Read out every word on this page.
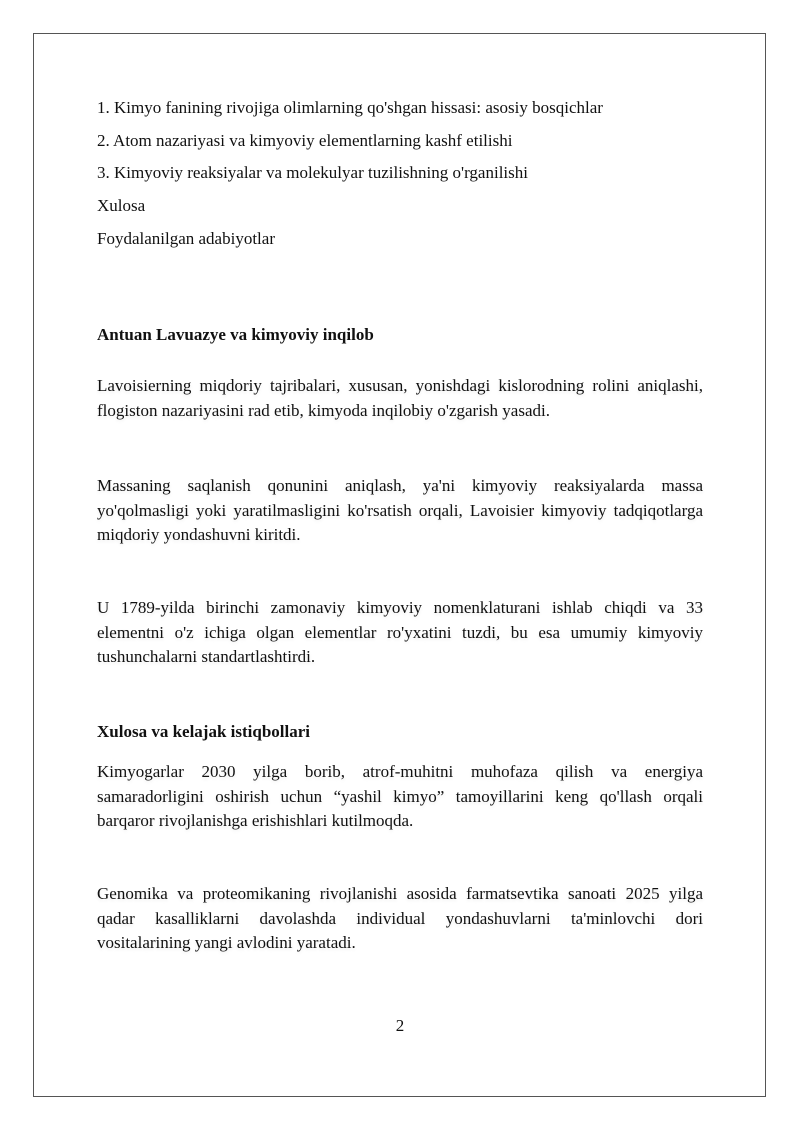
1. Kimyo fanining rivojiga olimlarning qo'shgan hissasi: asosiy bosqichlar
2. Atom nazariyasi va kimyoviy elementlarning kashf etilishi
3. Kimyoviy reaksiyalar va molekulyar tuzilishning o'rganilishi
Xulosa
Foydalanilgan adabiyotlar
Antuan Lavuazye va kimyoviy inqilob
Lavoisierning miqdoriy tajribalari, xususan, yonishdagi kislorodning rolini aniqlashi, flogiston nazariyasini rad etib, kimyoda inqilobiy o'zgarish yasadi.
Massaning saqlanish qonunini aniqlash, ya'ni kimyoviy reaksiyalarda massa yo'qolmasligi yoki yaratilmasligini ko'rsatish orqali, Lavoisier kimyoviy tadqiqotlarga miqdoriy yondashuvni kiritdi.
U 1789-yilda birinchi zamonaviy kimyoviy nomenklaturani ishlab chiqdi va 33 elementni o'z ichiga olgan elementlar ro'yxatini tuzdi, bu esa umumiy kimyoviy tushunchalarni standartlashtirdi.
Xulosa va kelajak istiqbollari
Kimyogarlar 2030 yilga borib, atrof-muhitni muhofaza qilish va energiya samaradorligini oshirish uchun “yashil kimyo” tamoyillarini keng qo'llash orqali barqaror rivojlanishga erishishlari kutilmoqda.
Genomika va proteomikaning rivojlanishi asosida farmatsevtika sanoati 2025 yilga qadar kasalliklarni davolashda individual yondashuvlarni ta'minlovchi dori vositalarining yangi avlodini yaratadi.
2
